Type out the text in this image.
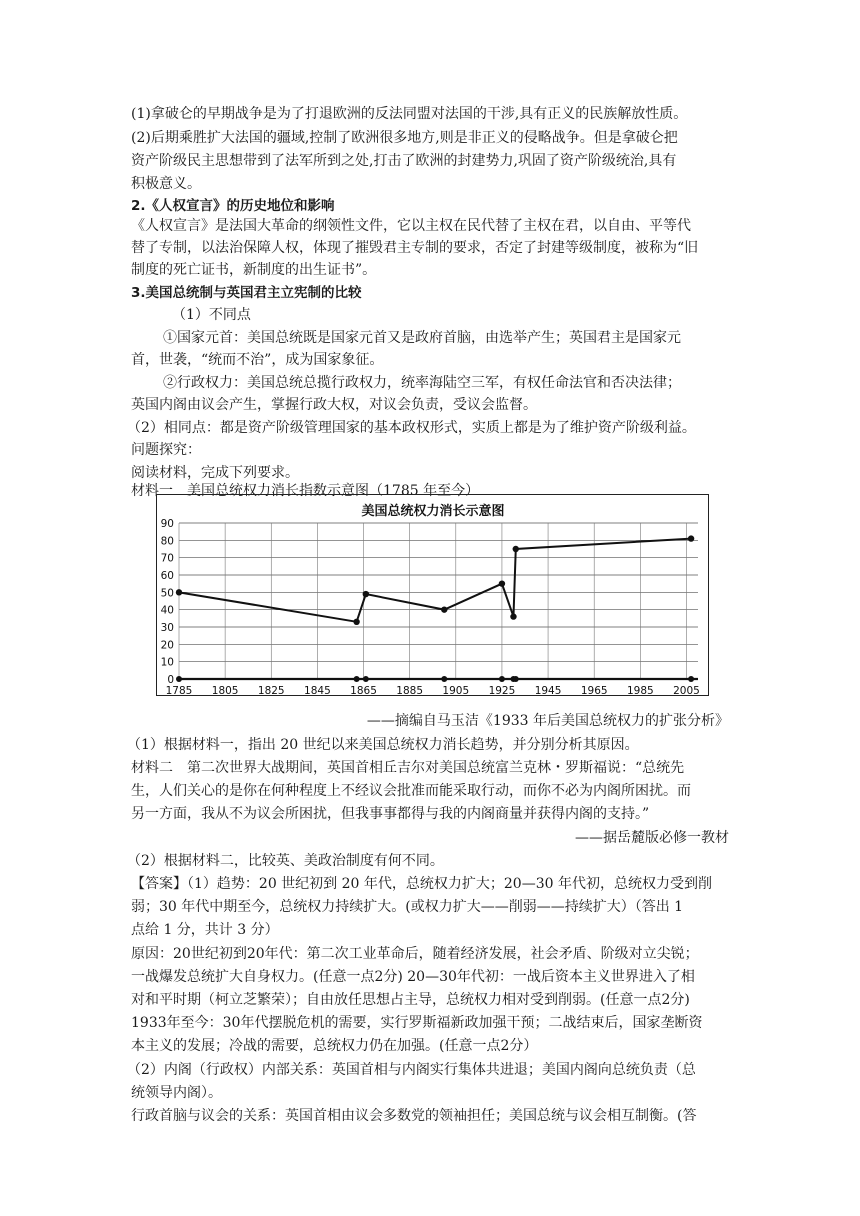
(1)拿破仑的早期战争是为了打退欧洲的反法同盟对法国的干涉,具有正义的民族解放性质。
(2)后期乘胜扩大法国的疆域,控制了欧洲很多地方,则是非正义的侵略战争。但是拿破仑把
资产阶级民主思想带到了法军所到之处,打击了欧洲的封建势力,巩固了资产阶级统治,具有
积极意义。
2.《人权宣言》的历史地位和影响
《人权宣言》是法国大革命的纲领性文件，它以主权在民代替了主权在君，以自由、平等代
替了专制，以法治保障人权，体现了摧毁君主专制的要求，否定了封建等级制度，被称为“旧
制度的死亡证书，新制度的出生证书”。
3.美国总统制与英国君主立宪制的比较
（1）不同点
①国家元首：美国总统既是国家元首又是政府首脑，由选举产生；英国君主是国家元
首，世袭，“统而不治”，成为国家象征。
②行政权力：美国总统总揽行政权力，统率海陆空三军，有权任命法官和否决法律；
英国内阁由议会产生，掌握行政大权，对议会负责，受议会监督。
（2）相同点：都是资产阶级管理国家的基本政权形式，实质上都是为了维护资产阶级利益。
问题探究：
阅读材料，完成下列要求。
材料一　美国总统权力消长指数示意图（1785 年至今）
美国总统权力消长示意图
0
10
20
30
40
50
60
70
80
90
1785 1805 1825 1845 1865 1885 1905 1925 1945 1965 1985 2005
——摘编自马玉洁《1933 年后美国总统权力的扩张分析》
（1）根据材料一，指出 20 世纪以来美国总统权力消长趋势，并分别分析其原因。
材料二　第二次世界大战期间，英国首相丘吉尔对美国总统富兰克林・罗斯福说：“总统先
生，人们关心的是你在何种程度上不经议会批准而能采取行动，而你不必为内阁所困扰。而
另一方面，我从不为议会所困扰，但我事事都得与我的内阁商量并获得内阁的支持。”
——据岳麓版必修一教材
（2）根据材料二，比较英、美政治制度有何不同。
【答案】（1）趋势：20 世纪初到 20 年代，总统权力扩大；20—30 年代初，总统权力受到削
弱；30 年代中期至今，总统权力持续扩大。(或权力扩大——削弱——持续扩大）（答出 1
点给 1 分，共计 3 分）
原因：20世纪初到20年代：第二次工业革命后，随着经济发展，社会矛盾、阶级对立尖锐；
一战爆发总统扩大自身权力。(任意一点2分) 20—30年代初：一战后资本主义世界进入了相
对和平时期（柯立芝繁荣）；自由放任思想占主导，总统权力相对受到削弱。(任意一点2分)
1933年至今：30年代摆脱危机的需要，实行罗斯福新政加强干预；二战结束后，国家垄断资
本主义的发展；冷战的需要，总统权力仍在加强。(任意一点2分）
（2）内阁（行政权）内部关系：英国首相与内阁实行集体共进退；美国内阁向总统负责（总
统领导内阁）。
行政首脑与议会的关系：英国首相由议会多数党的领袖担任；美国总统与议会相互制衡。(答
